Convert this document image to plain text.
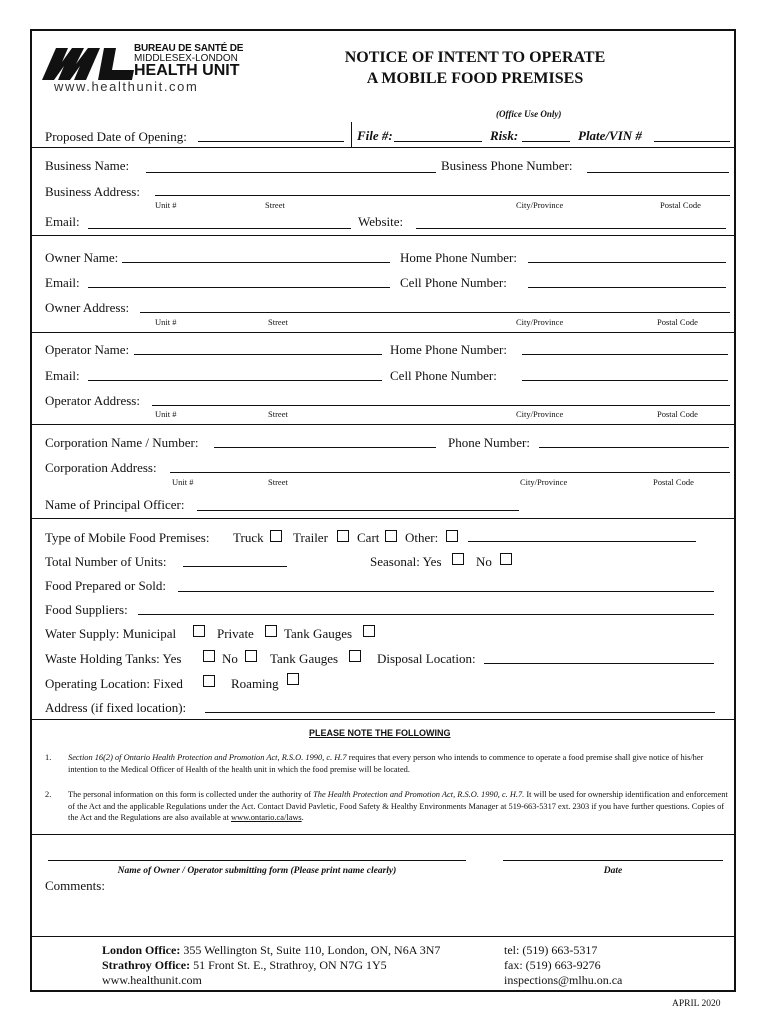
BUREAU DE SANTÉ DE
MIDDLESEX-LONDON
HEALTH UNIT
www.healthunit.com
NOTICE OF INTENT TO OPERATE
A MOBILE FOOD PREMISES
(Office Use Only)
Proposed Date of Opening:	File #:	Risk:	Plate/VIN #
Business Name:	Business Phone Number:
Business Address:
Unit #	Street	City/Province	Postal Code
Email:	Website:
Owner Name:	Home Phone Number:
Email:	Cell Phone Number:
Owner Address:
Unit #	Street	City/Province	Postal Code
Operator Name:	Home Phone Number:
Email:	Cell Phone Number:
Operator Address:
Unit #	Street	City/Province	Postal Code
Corporation Name / Number:	Phone Number:
Corporation Address:
Unit #	Street	City/Province	Postal Code
Name of Principal Officer:
Type of Mobile Food Premises: Truck Trailer Cart Other:
Total Number of Units:	Seasonal: Yes	No
Food Prepared or Sold:
Food Suppliers:
Water Supply: Municipal	Private Tank Gauges
Waste Holding Tanks: Yes	No Tank Gauges	Disposal Location:
Operating Location: Fixed	Roaming
Address (if fixed location):
PLEASE NOTE THE FOLLOWING
1. Section 16(2) of Ontario Health Protection and Promotion Act, R.S.O. 1990, c. H.7 requires that every person who intends to commence to operate a food premise shall give notice of his/her intention to the Medical Officer of Health of the health unit in which the food premise will be located.
2. The personal information on this form is collected under the authority of The Health Protection and Promotion Act, R.S.O. 1990, c. H.7. It will be used for ownership identification and enforcement of the Act and the applicable Regulations under the Act. Contact David Pavletic, Food Safety & Healthy Environments Manager at 519-663-5317 ext. 2303 if you have further questions. Copies of the Act and the Regulations are also available at www.ontario.ca/laws.
Name of Owner / Operator submitting form (Please print name clearly)	Date
Comments:
London Office: 355 Wellington St, Suite 110, London, ON, N6A 3N7
Strathroy Office: 51 Front St. E., Strathroy, ON N7G 1Y5
www.healthunit.com
tel: (519) 663-5317
fax: (519) 663-9276
inspections@mlhu.on.ca
APRIL 2020
